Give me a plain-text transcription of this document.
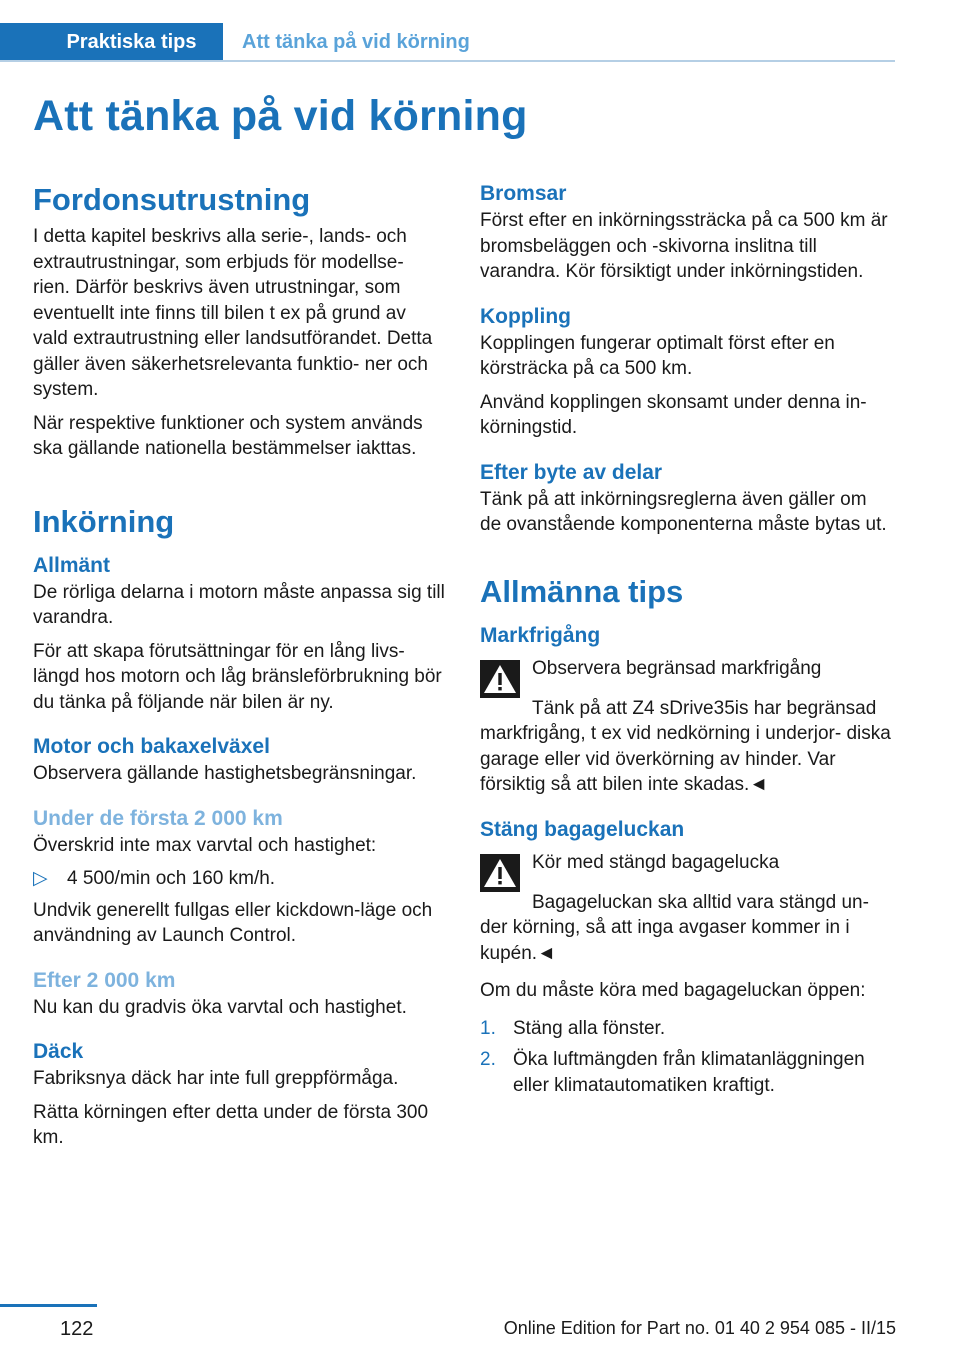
Praktiska tips	Att tänka på vid körning
Att tänka på vid körning
Fordonsutrustning

I detta kapitel beskrivs alla serie-, lands- och extrautrustningar, som erbjuds för modellse- rien. Därför beskrivs även utrustningar, som eventuellt inte finns till bilen t ex på grund av vald extrautrustning eller landsutförandet. Detta gäller även säkerhetsrelevanta funktio- ner och system.

När respektive funktioner och system används ska gällande nationella bestämmelser iakttas.

Inkörning
Allmänt

De rörliga delarna i motorn måste anpassa sig till varandra.

För att skapa förutsättningar för en lång livs- längd hos motorn och låg bränsleförbrukning bör du tänka på följande när bilen är ny.

Motor och bakaxelväxel

Observera gällande hastighetsbegränsningar.

Under de första 2 000 km

Överskrid inte max varvtal och hastighet:

▷	4 500/min och 160 km/h.

Undvik generellt fullgas eller kickdown-läge och användning av Launch Control.

Efter 2 000 km

Nu kan du gradvis öka varvtal och hastighet.

Däck

Fabriksnya däck har inte full greppförmåga.

Rätta körningen efter detta under de första 300 km.

Bromsar

Först efter en inkörningssträcka på ca 500 km är bromsbeläggen och -skivorna inslitna till varandra. Kör försiktigt under inkörningstiden.

Koppling

Kopplingen fungerar optimalt först efter en körsträcka på ca 500 km.

Använd kopplingen skonsamt under denna in- körningstid.

Efter byte av delar

Tänk på att inkörningsreglerna även gäller om de ovanstående komponenterna måste bytas ut.

Allmänna tips
Markfrigång

Observera begränsad markfrigång

Tänk på att Z4 sDrive35is har begränsad markfrigång, t ex vid nedkörning i underjor- diska garage eller vid överkörning av hinder. Var försiktig så att bilen inte skadas.◄

Stäng bagageluckan

Kör med stängd bagagelucka

Bagageluckan ska alltid vara stängd un- der körning, så att inga avgaser kommer in i kupén.◄

Om du måste köra med bagageluckan öppen:

1. Stäng alla fönster.
2. Öka luftmängden från klimatanläggningen eller klimatautomatiken kraftigt.
122	Online Edition for Part no. 01 40 2 954 085 - II/15
